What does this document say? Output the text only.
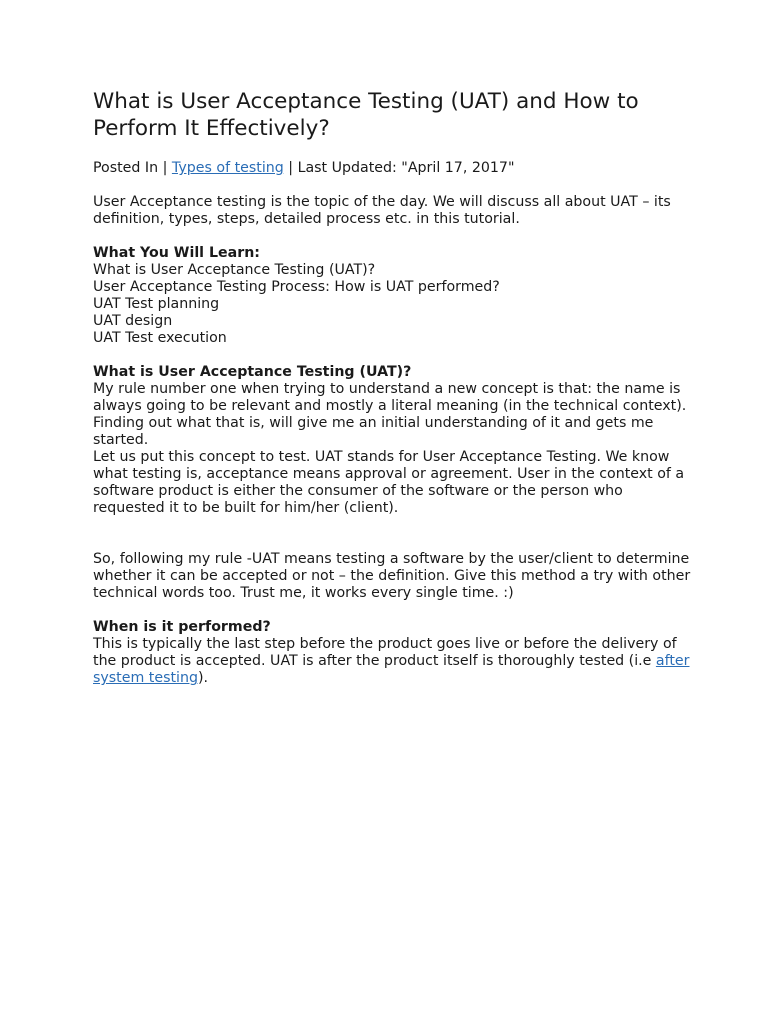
What is User Acceptance Testing (UAT) and How to Perform It Effectively?
Posted In | Types of testing | Last Updated: "April 17, 2017"

User Acceptance testing is the topic of the day. We will discuss all about UAT – its definition, types, steps, detailed process etc. in this tutorial.

What You Will Learn:
What is User Acceptance Testing (UAT)?
User Acceptance Testing Process: How is UAT performed?
UAT Test planning
UAT design
UAT Test execution
What is User Acceptance Testing (UAT)?

My rule number one when trying to understand a new concept is that: the name is always going to be relevant and mostly a literal meaning (in the technical context). Finding out what that is, will give me an initial understanding of it and gets me started.

Let us put this concept to test. UAT stands for User Acceptance Testing. We know what testing is, acceptance means approval or agreement. User in the context of a software product is either the consumer of the software or the person who requested it to be built for him/her (client).

So, following my rule -UAT means testing a software by the user/client to determine whether it can be accepted or not – the definition. Give this method a try with other technical words too. Trust me, it works every single time. :)

When is it performed?

This is typically the last step before the product goes live or before the delivery of the product is accepted. UAT is after the product itself is thoroughly tested (i.e after system testing).
